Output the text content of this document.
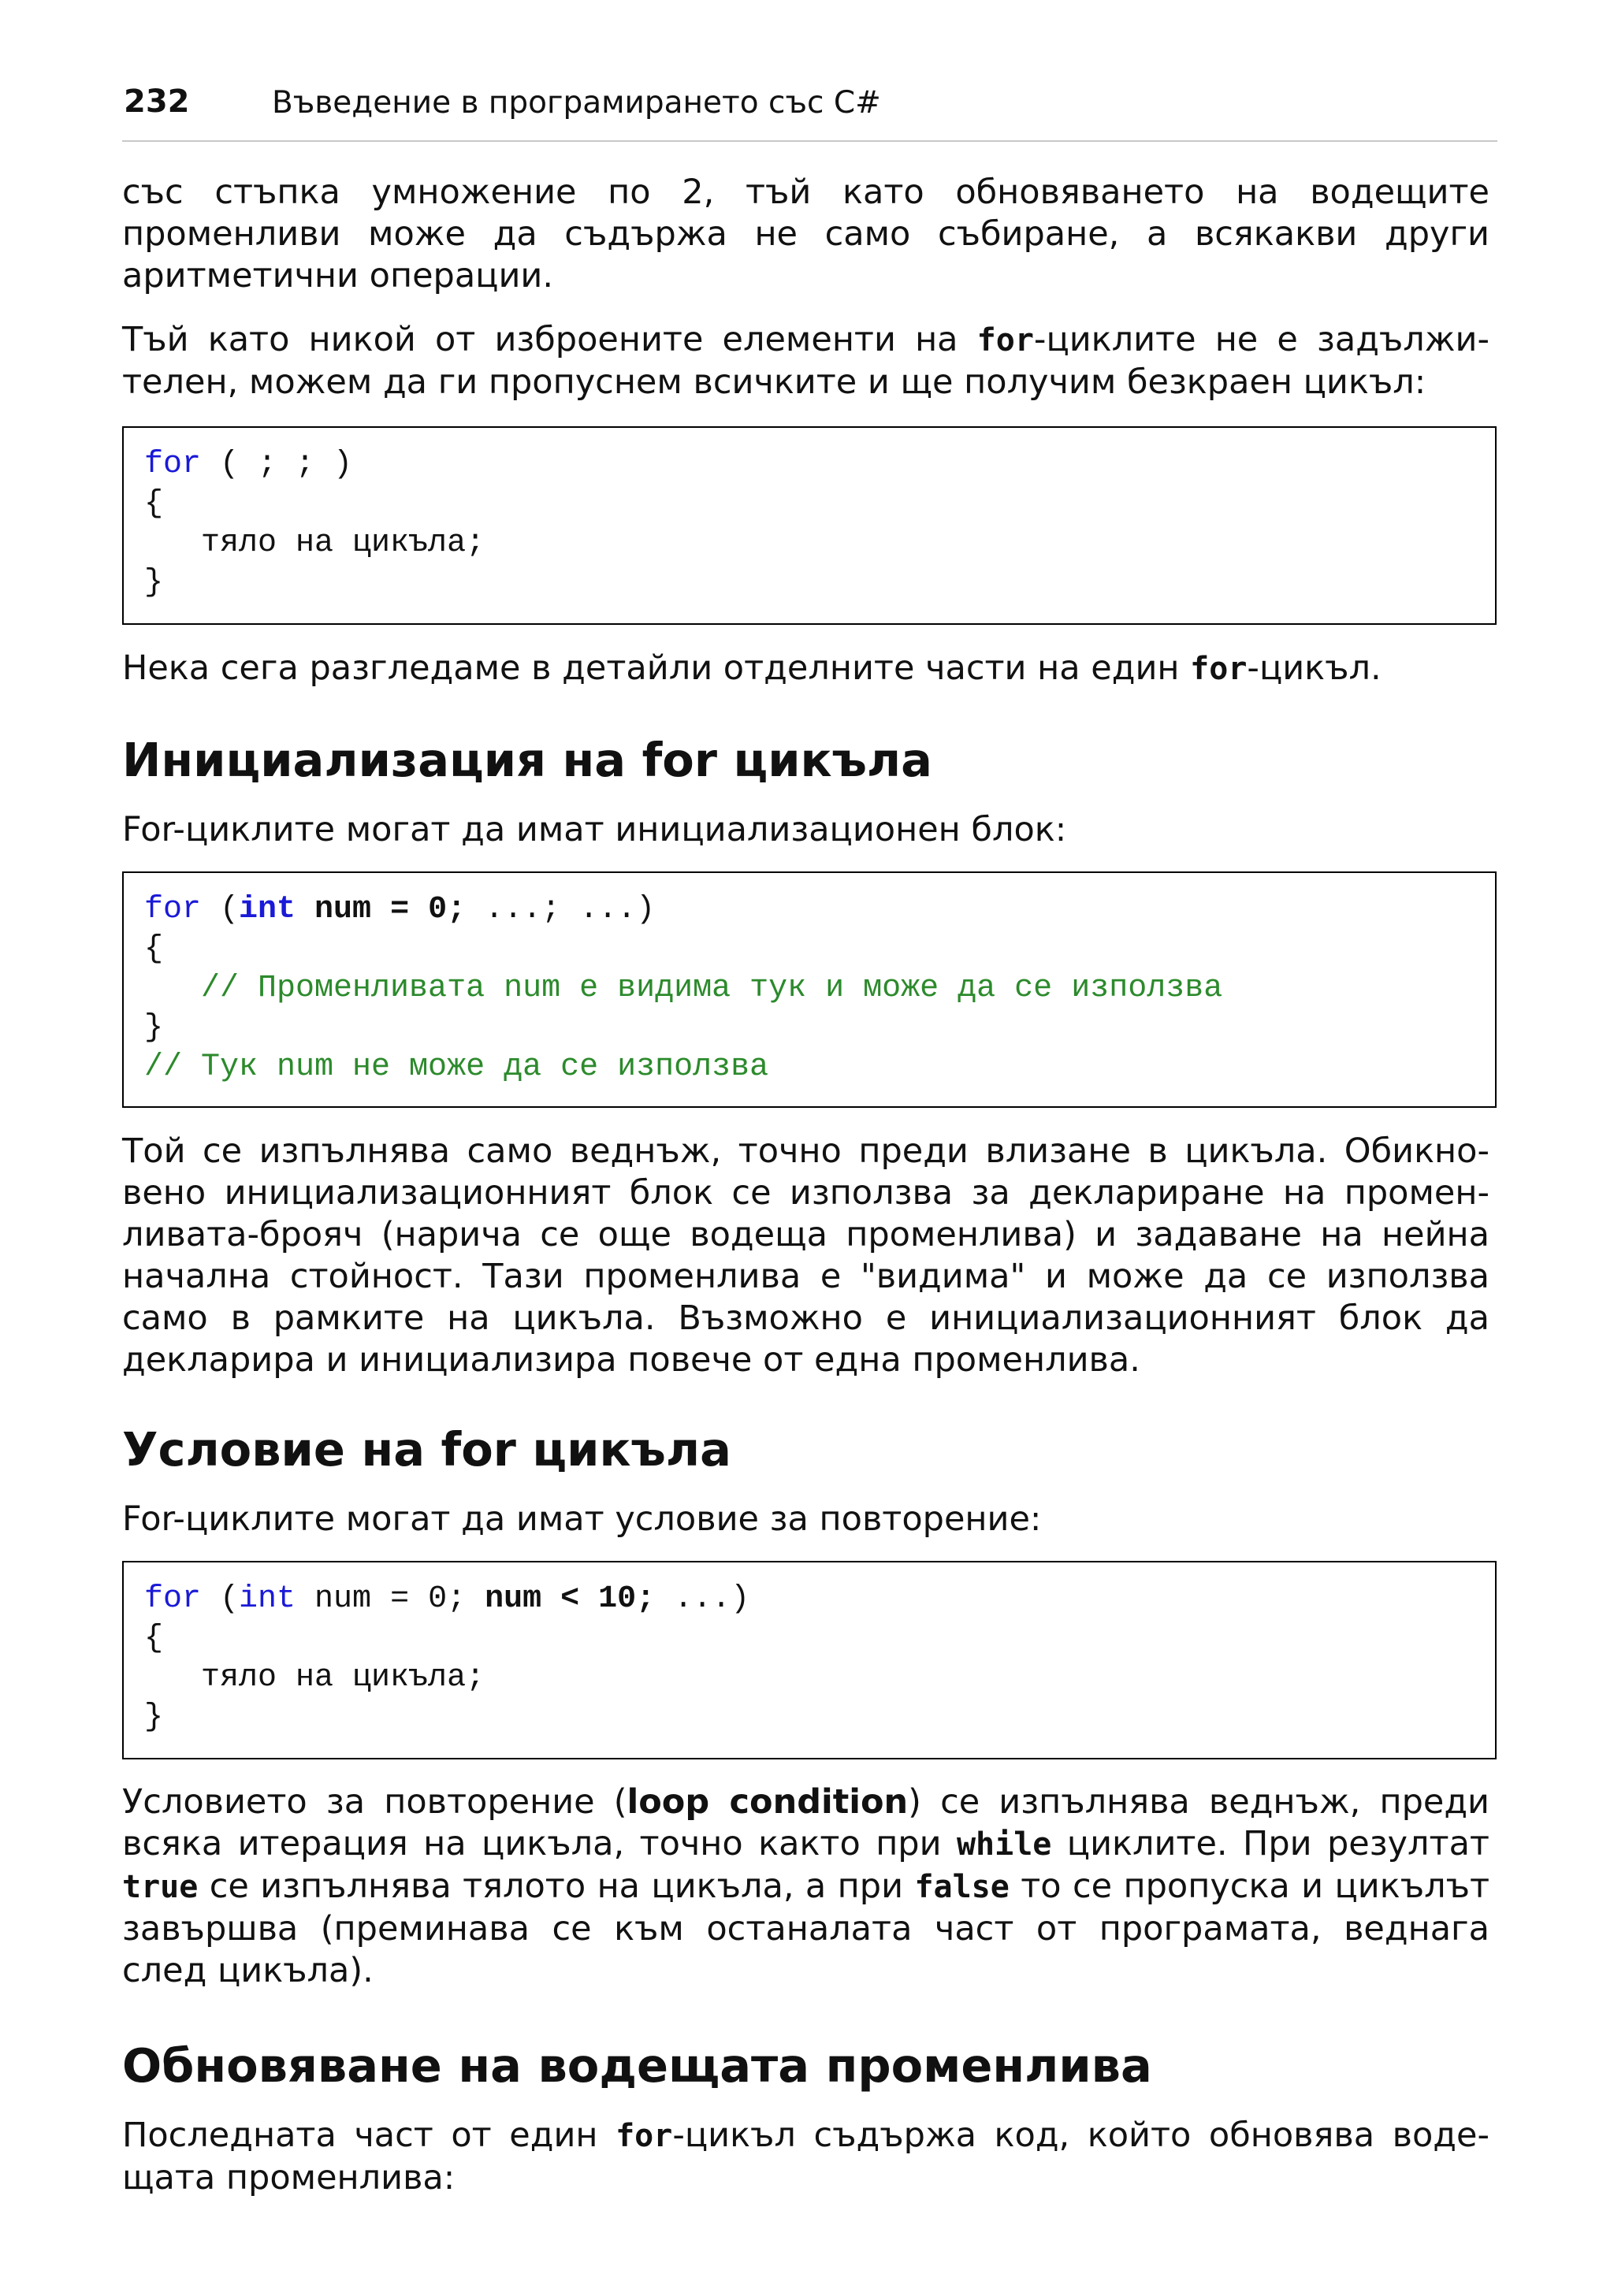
232	Въведение в програмирането със C#

със стъпка умножение по 2, тъй като обновяването на водещите променливи може да съдържа не само събиране, а всякакви други аритметични операции.

Тъй като никой от изброените елементи на for-циклите не е задължи-телен, можем да ги пропуснем всичките и ще получим безкраен цикъл:

for ( ; ; )
{
тяло на цикъла;
}

Нека сега разгледаме в детайли отделните части на един for-цикъл.

Инициализация на for цикъла

For-циклите могат да имат инициализационен блок:

for (int num = 0; ...; ...)
{
// Променливата num е видима тук и може да се използва
}
// Тук num не може да се използва

Той се изпълнява само веднъж, точно преди влизане в цикъла. Обикно-вено инициализационният блок се използва за деклариране на промен-ливата-брояч (нарича се още водеща променлива) и задаване на нейна начална стойност. Тази променлива е "видима" и може да се използва само в рамките на цикъла. Възможно е инициализационният блок да декларира и инициализира повече от една променлива.

Условие на for цикъла

For-циклите могат да имат условие за повторение:

for (int num = 0; num < 10; ...)
{
тяло на цикъла;
}

Условието за повторение (loop condition) се изпълнява веднъж, преди всяка итерация на цикъла, точно както при while циклите. При резултат true се изпълнява тялото на цикъла, а при false то се пропуска и цикълът завършва (преминава се към останалата част от програмата, веднага след цикъла).

Обновяване на водещата променлива

Последната част от един for-цикъл съдържа код, който обновява воде-щата променлива:
